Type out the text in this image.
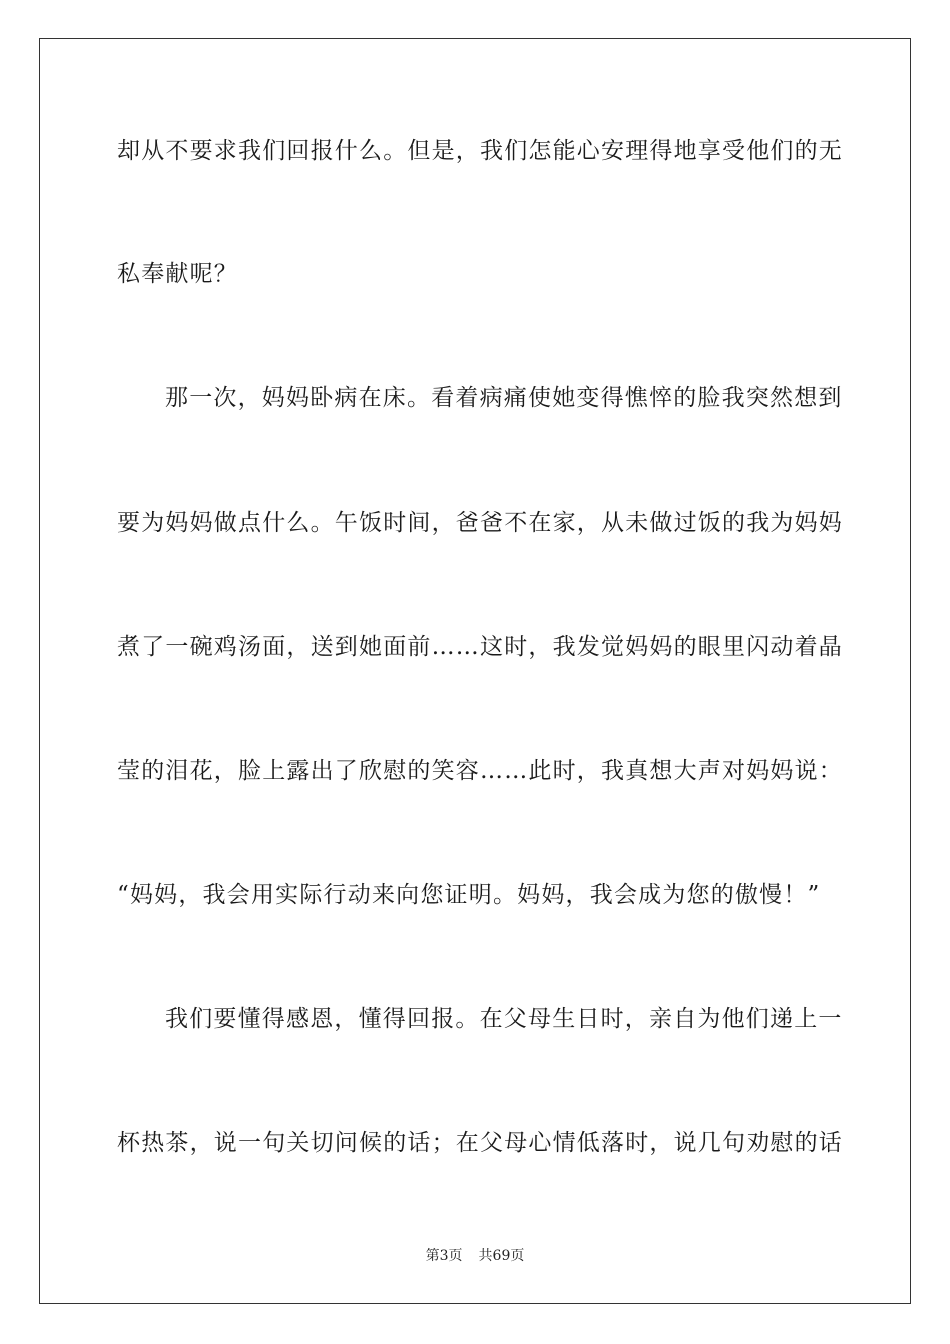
却从不要求我们回报什么。但是，我们怎能心安理得地享受他们的无
私奉献呢？
那一次，妈妈卧病在床。看着病痛使她变得憔悴的脸我突然想到
要为妈妈做点什么。午饭时间，爸爸不在家，从未做过饭的我为妈妈
煮了一碗鸡汤面，送到她面前……这时，我发觉妈妈的眼里闪动着晶
莹的泪花，脸上露出了欣慰的笑容……此时，我真想大声对妈妈说：
“妈妈，我会用实际行动来向您证明。妈妈，我会成为您的傲慢！”
我们要懂得感恩，懂得回报。在父母生日时，亲自为他们递上一
杯热茶，说一句关切问候的话；在父母心情低落时，说几句劝慰的话
第3页 共69页
